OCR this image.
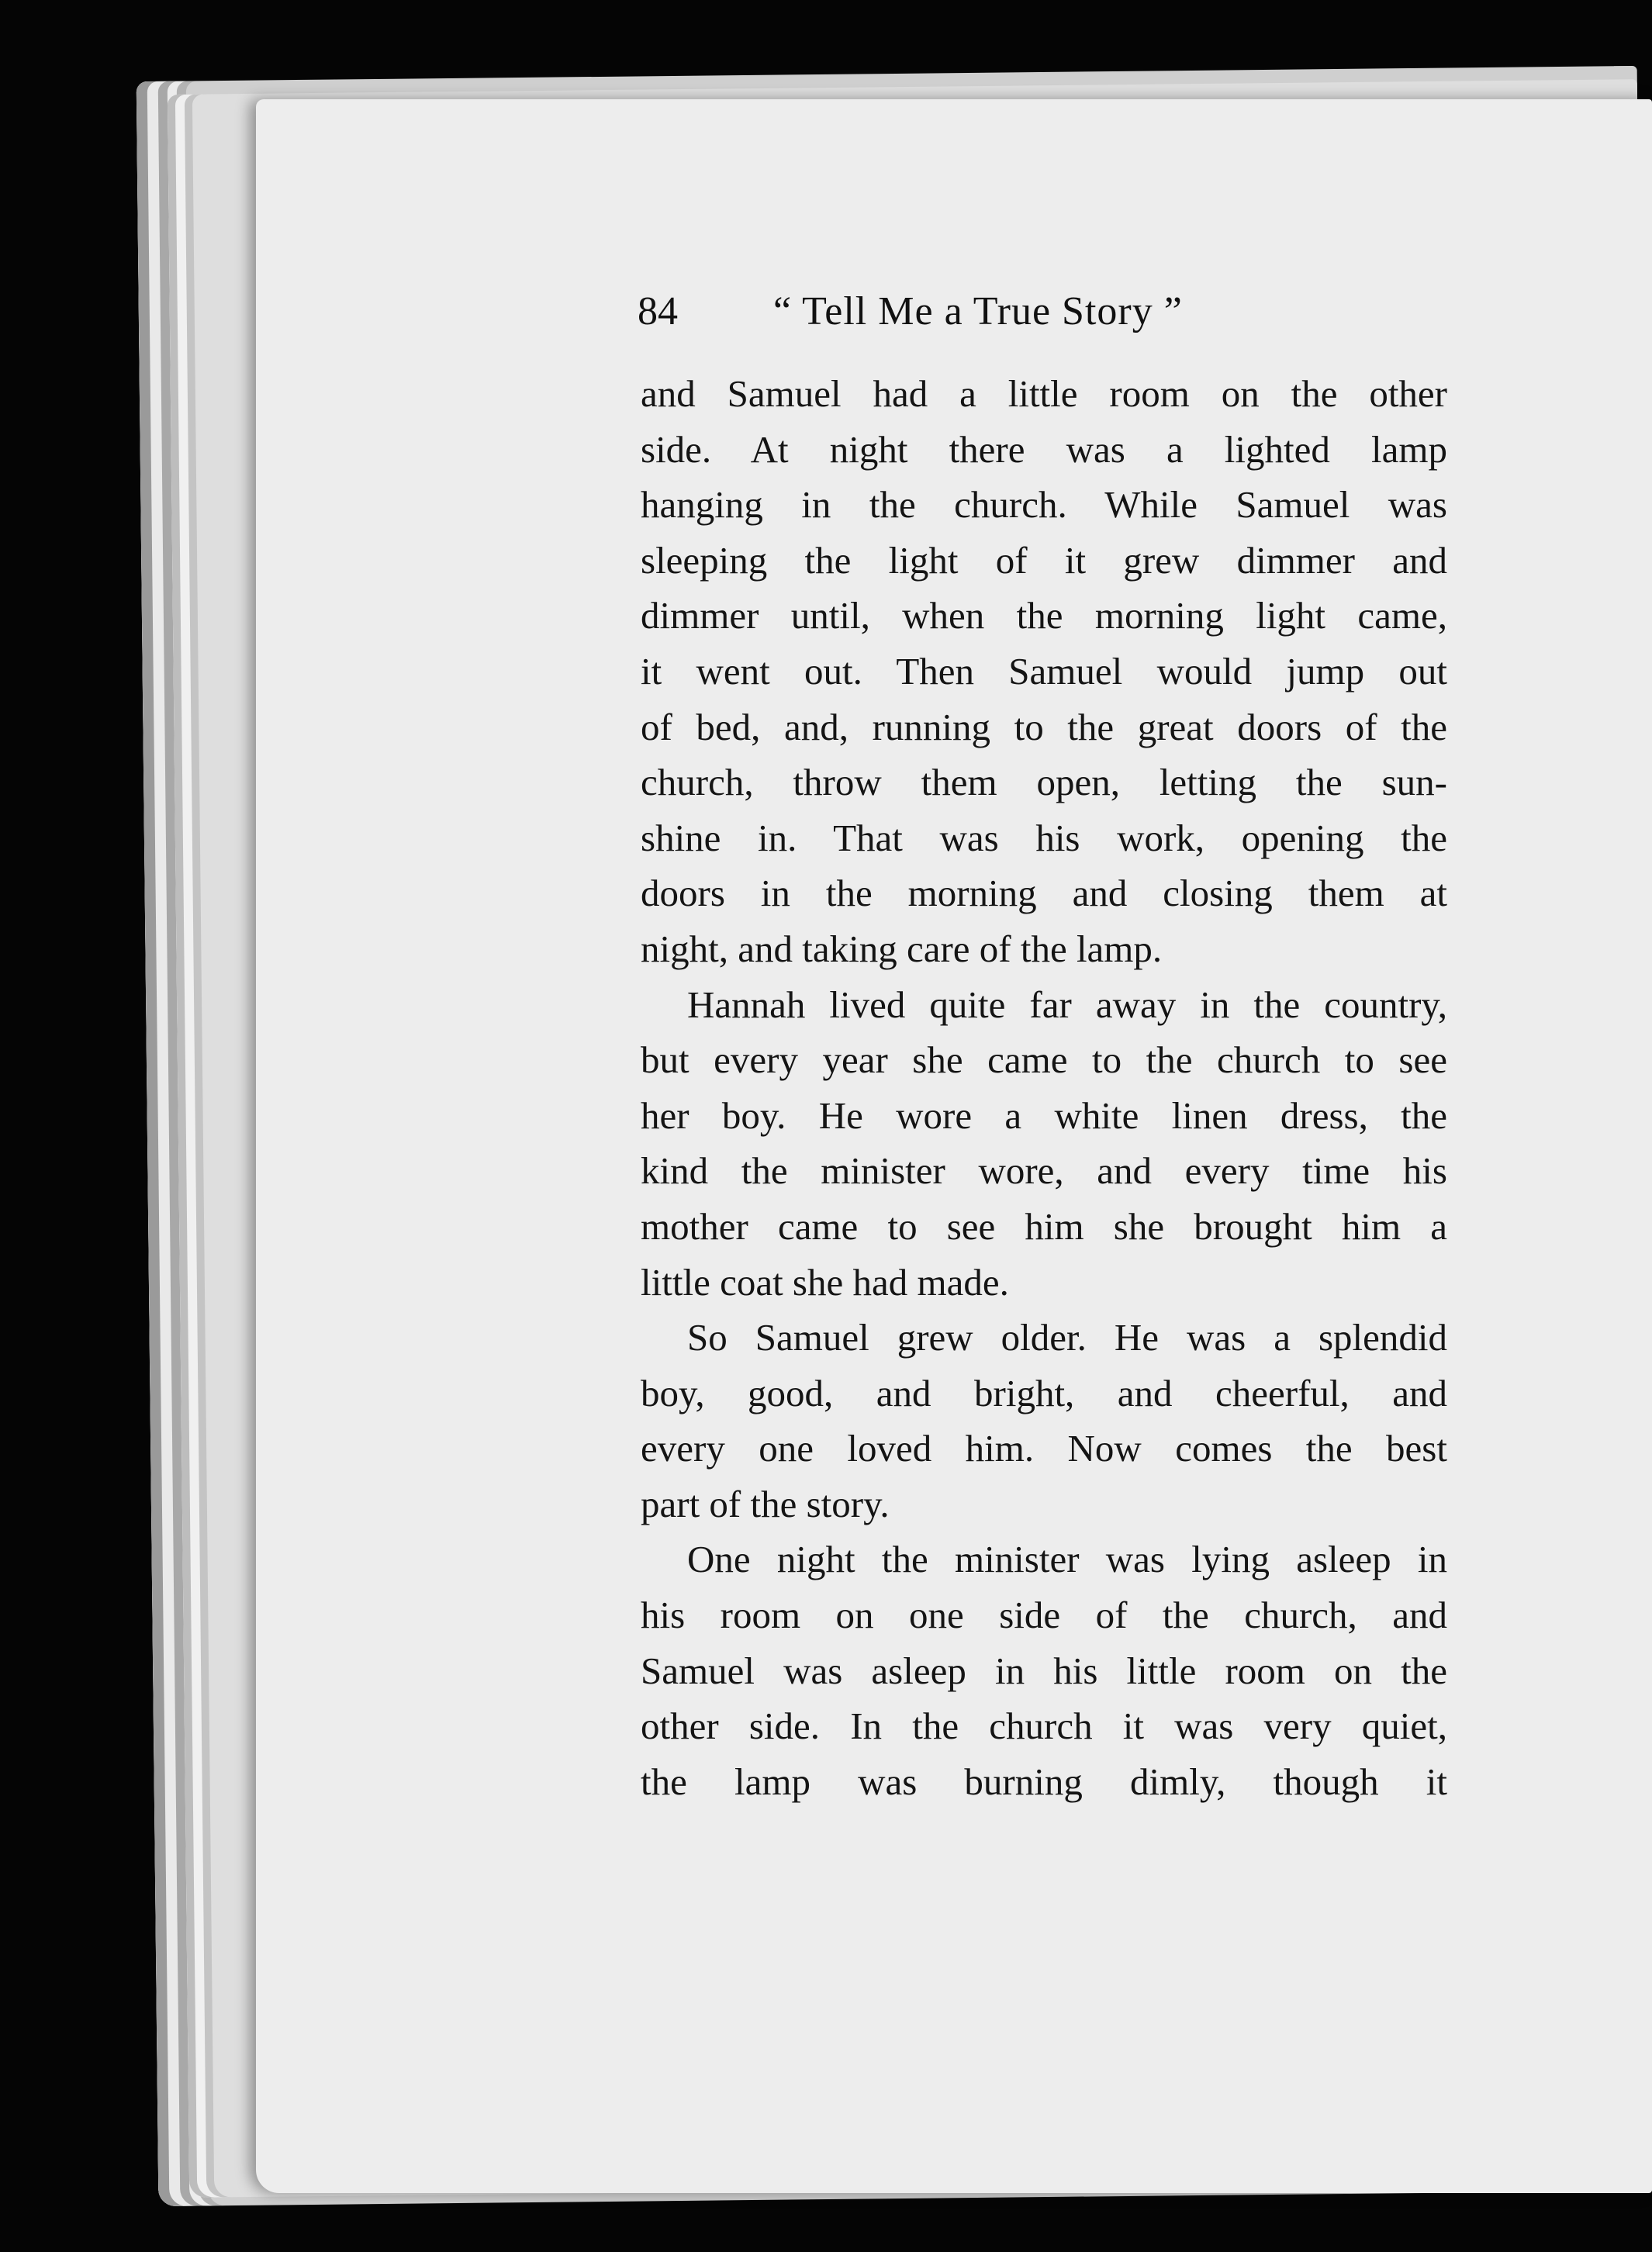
84 “ Tell Me a True Story ”
and Samuel had a little room on the other
side. At night there was a lighted lamp
hanging in the church. While Samuel was
sleeping the light of it grew dimmer and
dimmer until, when the morning light came,
it went out. Then Samuel would jump out
of bed, and, running to the great doors of the
church, throw them open, letting the sun-
shine in. That was his work, opening the
doors in the morning and closing them at
night, and taking care of the lamp.
Hannah lived quite far away in the country,
but every year she came to the church to see
her boy. He wore a white linen dress, the
kind the minister wore, and every time his
mother came to see him she brought him a
little coat she had made.
So Samuel grew older. He was a splendid
boy, good, and bright, and cheerful, and
every one loved him. Now comes the best
part of the story.
One night the minister was lying asleep in
his room on one side of the church, and
Samuel was asleep in his little room on the
other side. In the church it was very quiet,
the lamp was burning dimly, though it
